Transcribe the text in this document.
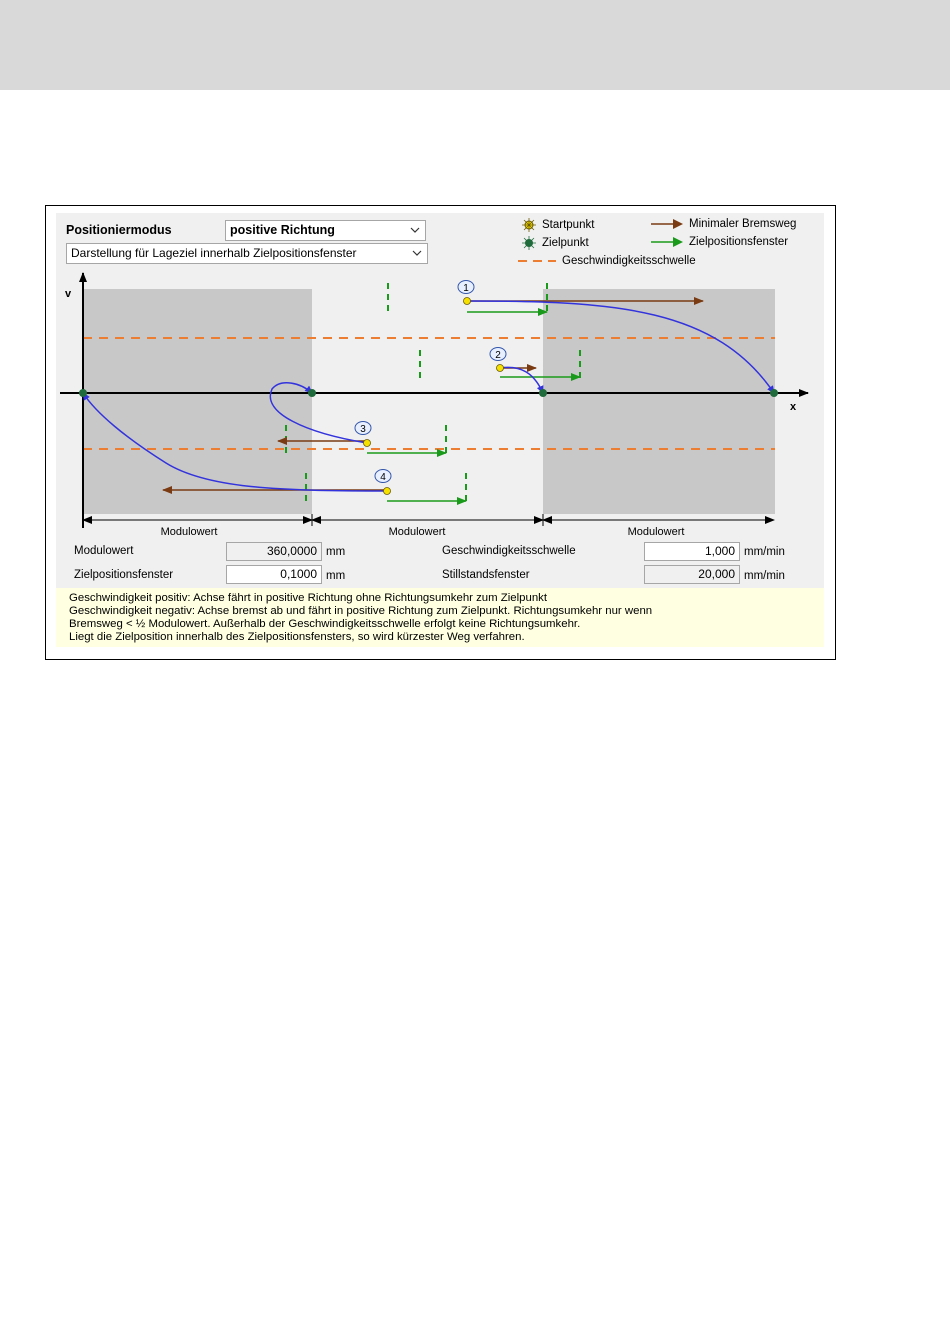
v
x
1
2
3
4
Modulowert	Modulowert	Modulowert
Positioniermodus	positive Richtung
Darstellung für Lageziel innerhalb Zielpositionsfenster
Startpunkt
Zielpunkt
Minimaler Bremsweg
Zielpositionsfenster
Geschwindigkeitsschwelle
Modulowert	360,0000 mm
Zielpositionsfenster	0,1000 mm
Geschwindigkeitsschwelle	1,000 mm/min
Stillstandsfenster	20,000 mm/min
Geschwindigkeit positiv: Achse fährt in positive Richtung ohne Richtungsumkehr zum Zielpunkt
Geschwindigkeit negativ: Achse bremst ab und fährt in positive Richtung zum Zielpunkt. Richtungsumkehr nur wenn
Bremsweg < ½ Modulowert. Außerhalb der Geschwindigkeitsschwelle erfolgt keine Richtungsumkehr.
Liegt die Zielposition innerhalb des Zielpositionsfensters, so wird kürzester Weg verfahren.
